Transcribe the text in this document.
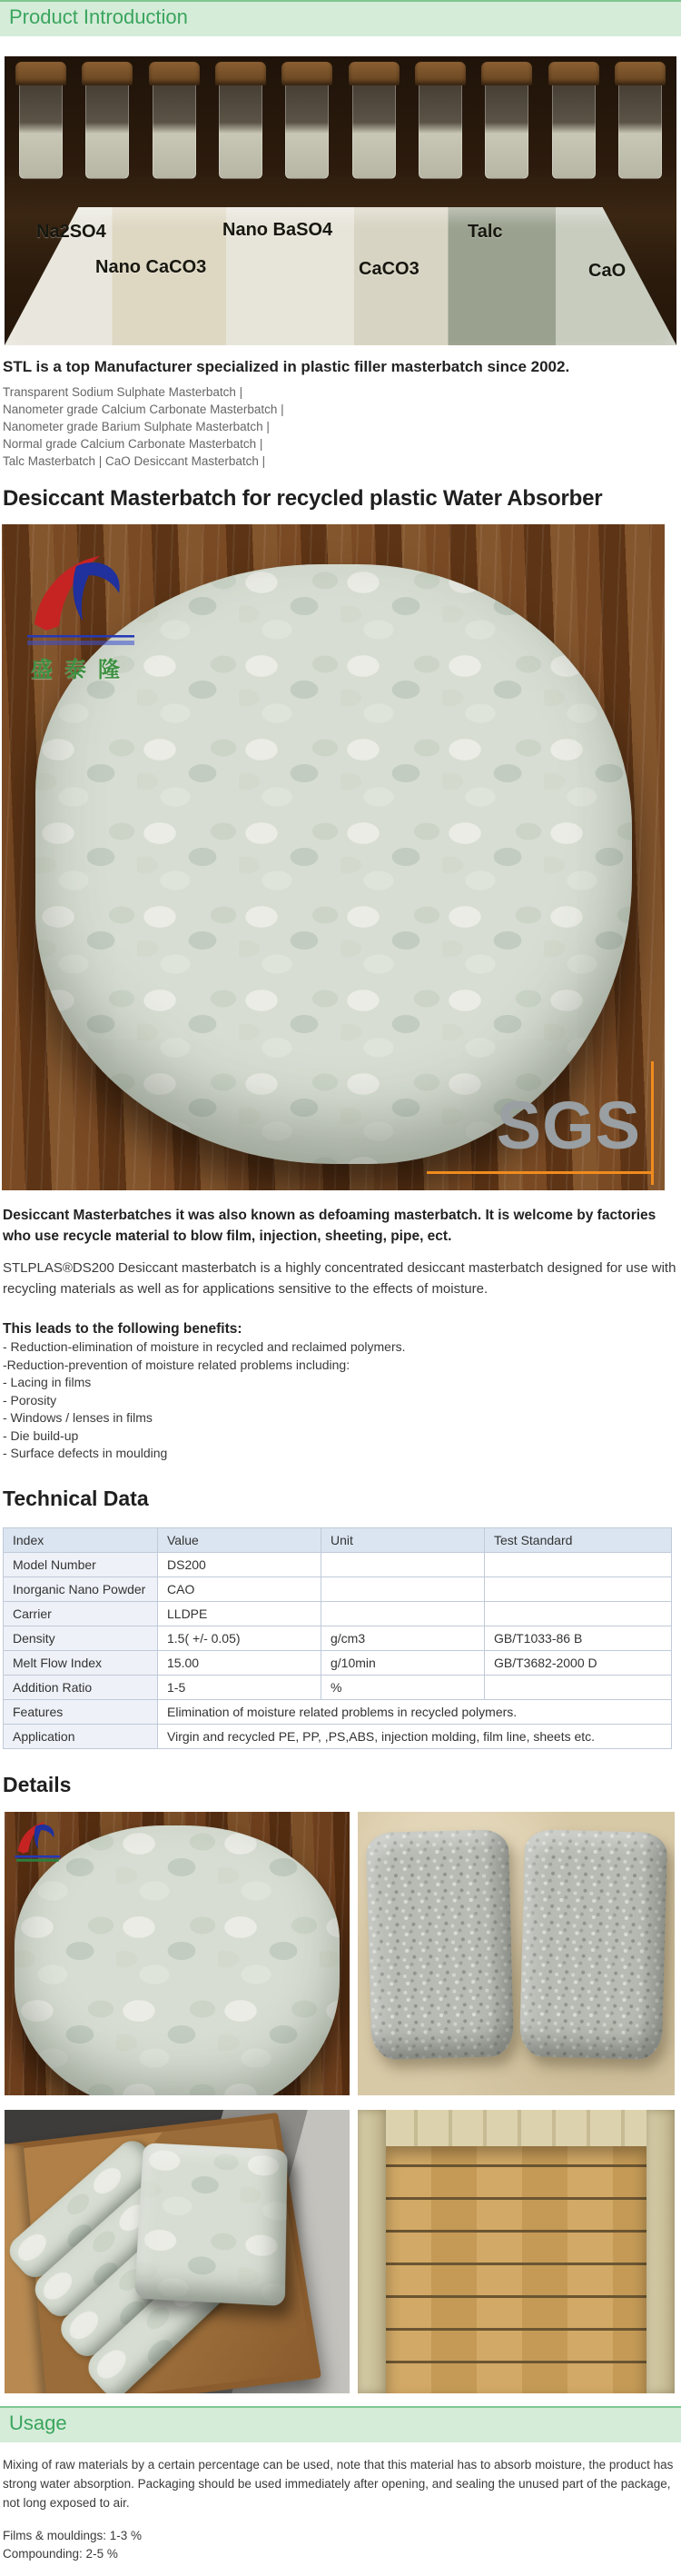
Product Introduction
Na2SO4	Nano BaSO4	Talc
Nano CaCO3	CaCO3	CaO
STL is a top Manufacturer specialized in plastic filler masterbatch since 2002.
Transparent Sodium Sulphate Masterbatch |
Nanometer grade Calcium Carbonate Masterbatch |
Nanometer grade Barium Sulphate Masterbatch |
Normal grade Calcium Carbonate Masterbatch |
Talc Masterbatch | CaO Desiccant Masterbatch |
Desiccant Masterbatch for recycled plastic Water Absorber
盛泰隆
SGS
Desiccant Masterbatches it was also known as defoaming masterbatch. It is welcome by factories who use recycle material to blow film, injection, sheeting, pipe, ect.
STLPLAS®DS200 Desiccant masterbatch is a highly concentrated desiccant masterbatch designed for use with recycling materials as well as for applications sensitive to the effects of moisture.
This leads to the following benefits:
- Reduction-elimination of moisture in recycled and reclaimed polymers.
-Reduction-prevention of moisture related problems including:
- Lacing in films
- Porosity
- Windows / lenses in films
- Die build-up
- Surface defects in moulding
Technical Data
Index	Value	Unit	Test Standard
Model Number	DS200		
Inorganic Nano Powder	CAO		
Carrier	LLDPE		
Density	1.5( +/- 0.05)	g/cm3	GB/T1033-86 B
Melt Flow Index	15.00	g/10min	GB/T3682-2000 D
Addition Ratio	1-5	%	
Features	Elimination of moisture related problems in recycled polymers.		
Application	Virgin and recycled PE, PP, ,PS,ABS, injection molding, film line, sheets etc.		
Details
Usage
Mixing of raw materials by a certain percentage can be used, note that this material has to absorb moisture, the product has strong water absorption. Packaging should be used immediately after opening, and sealing the unused part of the package, not long exposed to air.
Films & mouldings: 1-3 %
Compounding: 2-5 %
